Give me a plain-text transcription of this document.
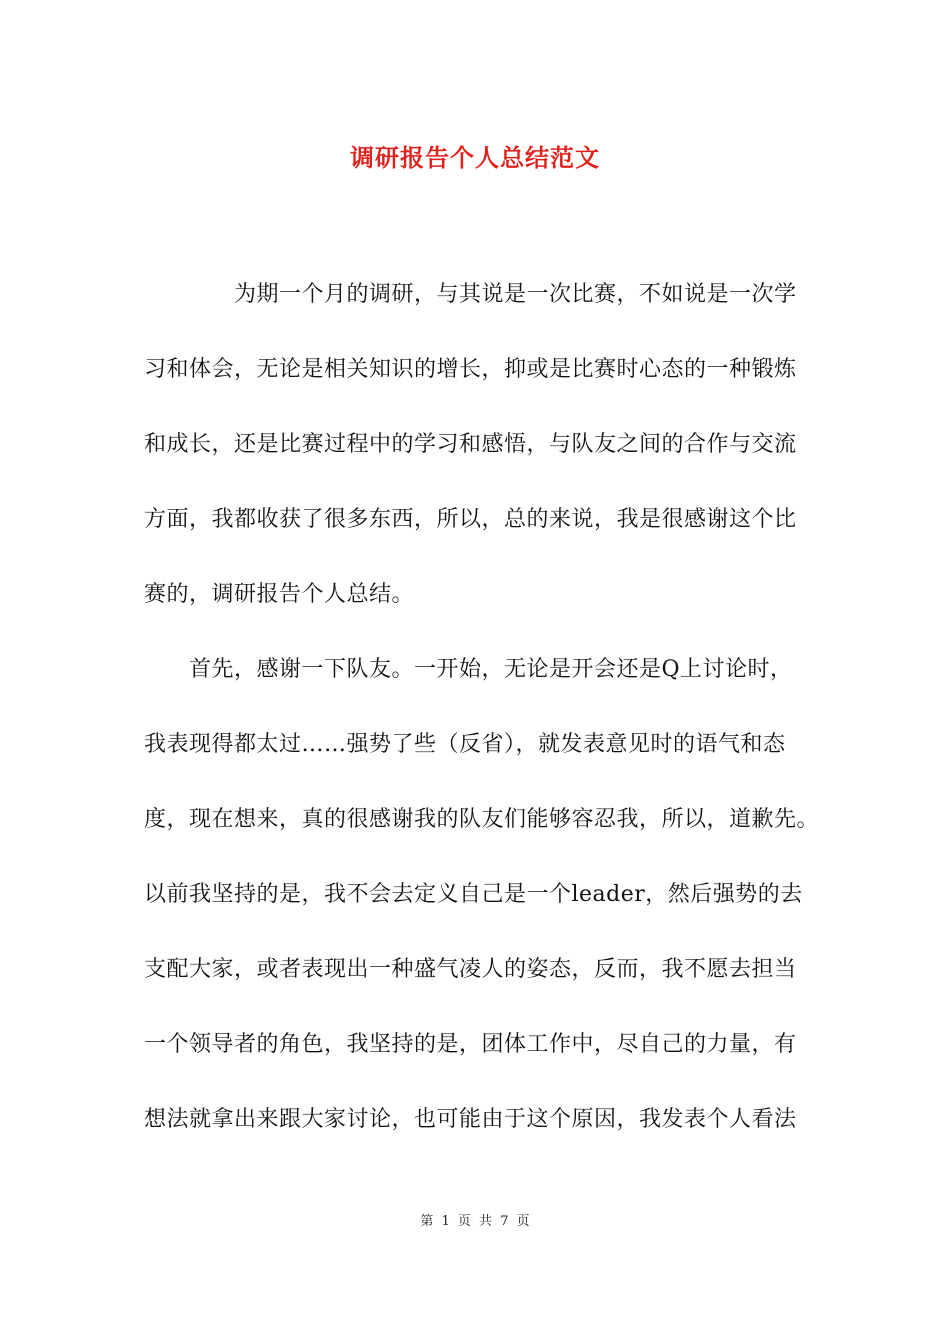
调研报告个人总结范文
为期一个月的调研，与其说是一次比赛，不如说是一次学
习和体会，无论是相关知识的增长，抑或是比赛时心态的一种锻炼
和成长，还是比赛过程中的学习和感悟，与队友之间的合作与交流
方面，我都收获了很多东西，所以，总的来说，我是很感谢这个比
赛的，调研报告个人总结。
首先，感谢一下队友。一开始，无论是开会还是Q上讨论时，
我表现得都太过……强势了些（反省），就发表意见时的语气和态
度，现在想来，真的很感谢我的队友们能够容忍我，所以，道歉先。
以前我坚持的是，我不会去定义自己是一个leader，然后强势的去
支配大家，或者表现出一种盛气凌人的姿态，反而，我不愿去担当
一个领导者的角色，我坚持的是，团体工作中，尽自己的力量，有
想法就拿出来跟大家讨论，也可能由于这个原因，我发表个人看法
第 1 页 共 7 页
